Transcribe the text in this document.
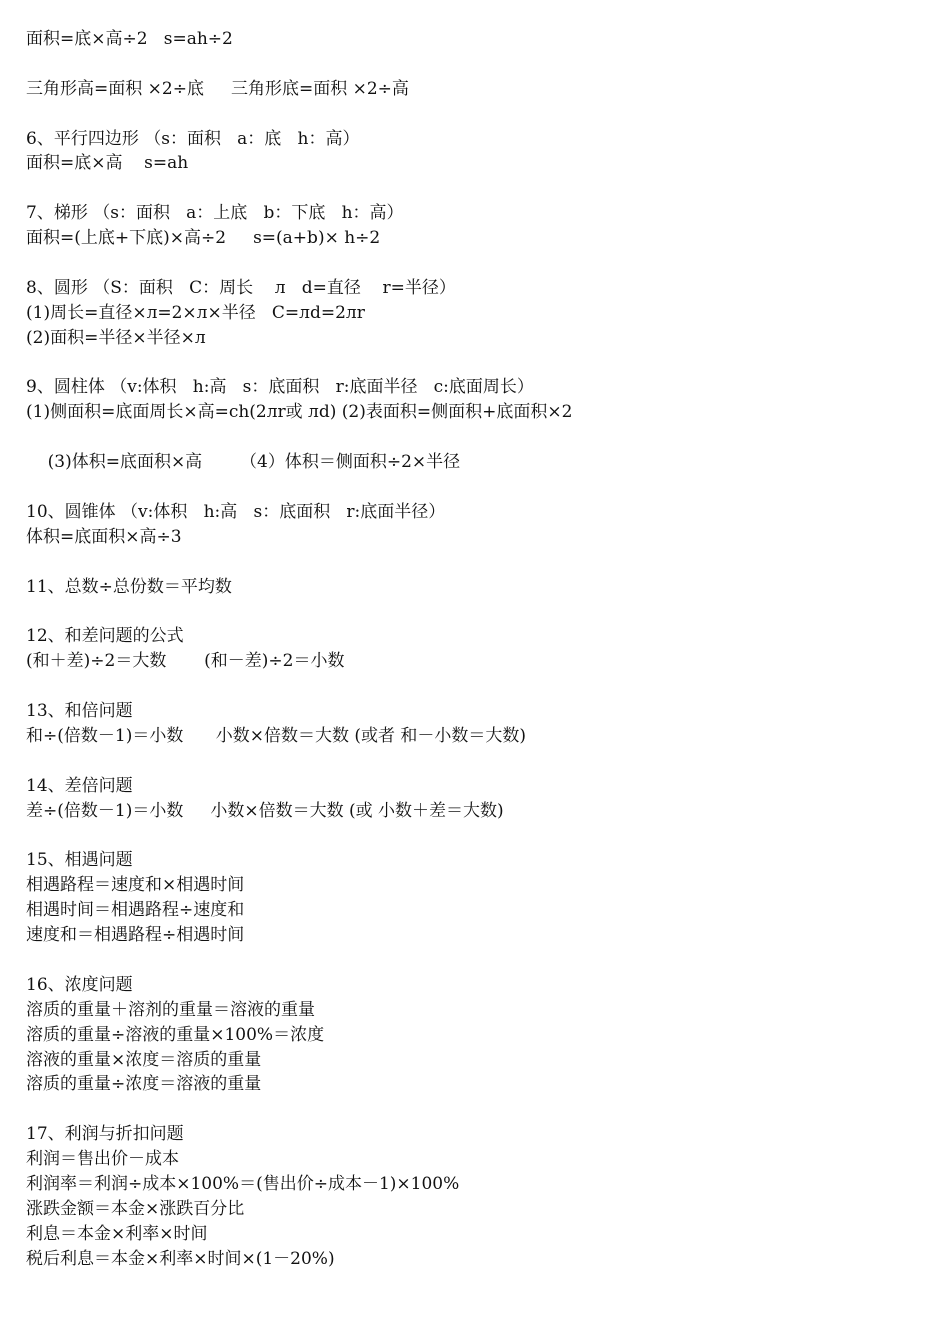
面积=底×高÷2   s=ah÷2
三角形高=面积 ×2÷底     三角形底=面积 ×2÷高
6、平行四边形 （s：面积   a：底   h：高）
面积=底×高    s=ah
7、梯形 （s：面积   a：上底   b：下底   h：高）
面积=(上底+下底)×高÷2     s=(a+b)× h÷2
8、圆形 （S：面积   C：周长    л   d=直径    r=半径）
(1)周长=直径×л=2×л×半径   C=лd=2лr
(2)面积=半径×半径×л
9、圆柱体 （v:体积   h:高   s：底面积   r:底面半径   c:底面周长）
(1)侧面积=底面周长×高=ch(2лr或 лd) (2)表面积=侧面积+底面积×2
(3)体积=底面积×高       （4）体积＝侧面积÷2×半径
10、圆锥体 （v:体积   h:高   s：底面积   r:底面半径）
体积=底面积×高÷3
11、总数÷总份数＝平均数
12、和差问题的公式
(和＋差)÷2＝大数       (和－差)÷2＝小数
13、和倍问题
和÷(倍数－1)＝小数      小数×倍数＝大数 (或者 和－小数＝大数)
14、差倍问题
差÷(倍数－1)＝小数     小数×倍数＝大数 (或 小数＋差＝大数)
15、相遇问题
相遇路程＝速度和×相遇时间
相遇时间＝相遇路程÷速度和
速度和＝相遇路程÷相遇时间
16、浓度问题
溶质的重量＋溶剂的重量＝溶液的重量
溶质的重量÷溶液的重量×100%＝浓度
溶液的重量×浓度＝溶质的重量
溶质的重量÷浓度＝溶液的重量
17、利润与折扣问题
利润＝售出价－成本
利润率＝利润÷成本×100%＝(售出价÷成本－1)×100%
涨跌金额＝本金×涨跌百分比
利息＝本金×利率×时间
税后利息＝本金×利率×时间×(1－20%)
